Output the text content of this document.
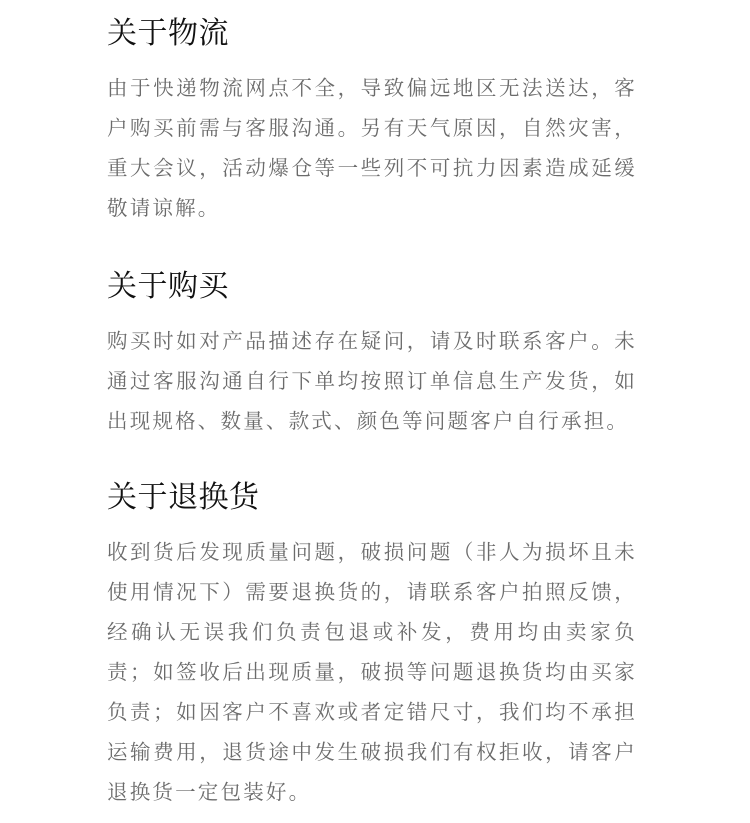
关于物流

由于快递物流网点不全，导致偏远地区无法送达，客户购买前需与客服沟通。另有天气原因，自然灾害，重大会议，活动爆仓等一些列不可抗力因素造成延缓敬请谅解。

关于购买

购买时如对产品描述存在疑问，请及时联系客户。未通过客服沟通自行下单均按照订单信息生产发货，如出现规格、数量、款式、颜色等问题客户自行承担。

关于退换货

收到货后发现质量问题，破损问题（非人为损坏且未使用情况下）需要退换货的，请联系客户拍照反馈，经确认无误我们负责包退或补发，费用均由卖家负责；如签收后出现质量，破损等问题退换货均由买家负责；如因客户不喜欢或者定错尺寸，我们均不承担运输费用，退货途中发生破损我们有权拒收，请客户退换货一定包装好。
